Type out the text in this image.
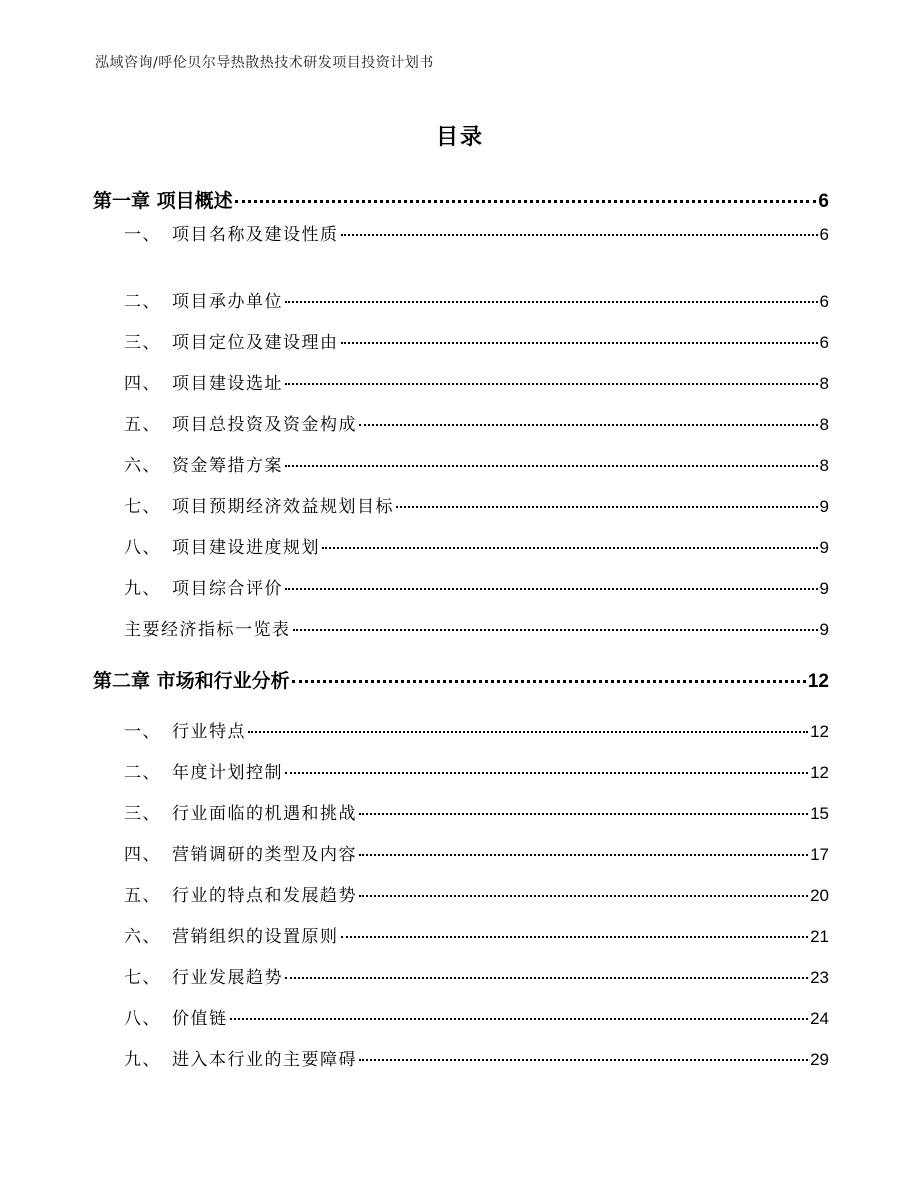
泓域咨询/呼伦贝尔导热散热技术研发项目投资计划书
目录
第一章 项目概述	6
一、 项目名称及建设性质	6
二、 项目承办单位	6
三、 项目定位及建设理由	6
四、 项目建设选址	8
五、 项目总投资及资金构成	8
六、 资金筹措方案	8
七、 项目预期经济效益规划目标	9
八、 项目建设进度规划	9
九、 项目综合评价	9
主要经济指标一览表	9
第二章 市场和行业分析	12
一、 行业特点	12
二、 年度计划控制	12
三、 行业面临的机遇和挑战	15
四、 营销调研的类型及内容	17
五、 行业的特点和发展趋势	20
六、 营销组织的设置原则	21
七、 行业发展趋势	23
八、 价值链	24
九、 进入本行业的主要障碍	29
